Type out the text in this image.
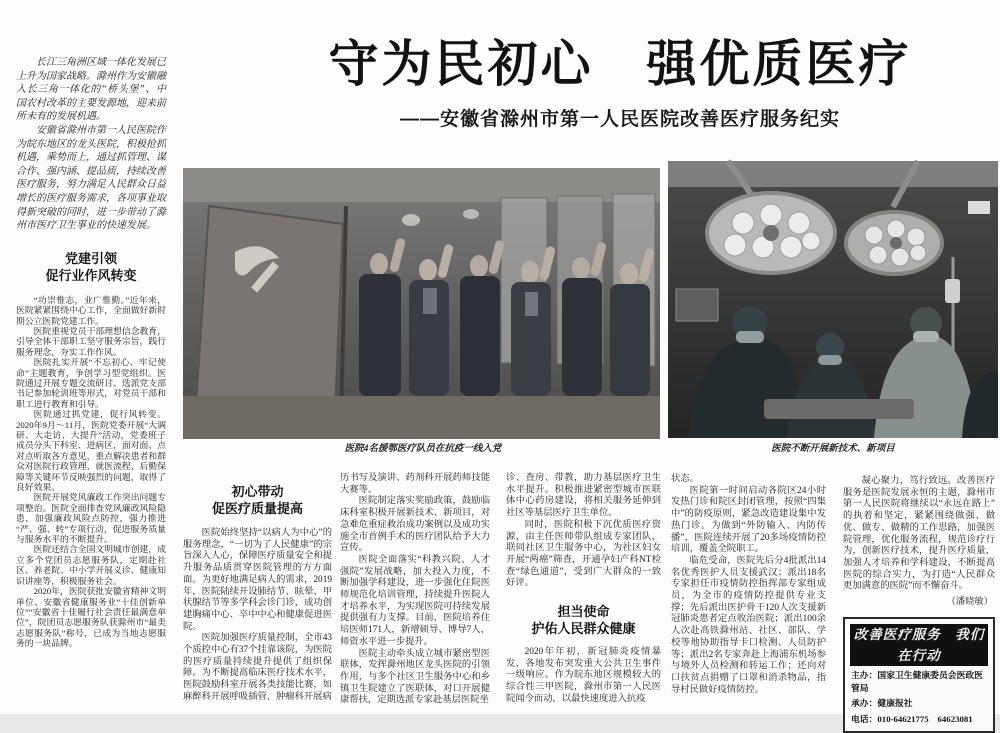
长江三角洲区域一体化发展已上升为国家战略。滁州作为安徽融入长三角一体化的“桥头堡”、中国农村改革的主要发源地，迎来前所未有的发展机遇。

安徽省滁州市第一人民医院作为皖东地区的龙头医院，积极抢抓机遇，乘势而上，通过抓管理、谋合作、强内涵、提品质，持续改善医疗服务，努力满足人民群众日益增长的医疗服务需求，各项事业取得新突破的同时，进一步带动了滁州市医疗卫生事业的快速发展。

党建引领
促行业作风转变

“功崇惟志，业广惟勤。”近年来，医院紧紧围绕中心工作，全面做好新时期公立医院党建工作。

医院重视党员干部理想信念教育，引导全体干部职工坚守服务宗旨，践行服务理念，夯实工作作风。

医院扎实开展“不忘初心、牢记使命”主题教育，争创学习型党组织。医院通过开展专题交流研讨、选派党支部书记参加轮训班等形式，对党员干部和职工进行教育和引导。

医院通过抓党建，促行风转变。2020年9月～11月，医院党委开展“大调研、大走访、大提升”活动，党委班子成员分头下科室、进病区，面对面、点对点听取各方意见，重点解决患者和群众对医院行政管理、就医流程、后勤保障等关键环节反映强烈的问题，取得了良好效果。

医院开展党风廉政工作突出问题专项整治。医院全面排查党风廉政风险隐患，加强廉政风险点防控，强力推进“严、强、转”专项行动，促进服务质量与服务水平的不断提升。

医院还结合全国文明城市创建，成立多个党团员志愿服务队，定期赴社区、养老院、中小学开展义诊、健康知识讲座等，积极服务社会。

2020年，医院获批安徽省精神文明单位、安徽省健康服务业“十佳创新单位”“安徽省十佳履行社会责任最满意单位”，院团员志愿服务队获滁州市“最美志愿服务队”称号，已成为当地志愿服务的一块品牌。

守为民初心　强优质医疗
——安徽省滁州市第一人民医院改善医疗服务纪实
医院4名援鄂医疗队员在抗疫一线入党	医院不断开展新技术、新项目
初心带动
促医疗质量提高

医院始终坚持“以病人为中心”的服务理念，“一切为了人民健康”的宗旨深入人心，保障医疗质量安全和提升服务品质贯穿医院管理的方方面面。为更好地满足病人的需求，2019年，医院陆续开设肺结节、眩晕、甲状腺结节等多学科会诊门诊，成功创建胸痛中心、卒中中心和健康促进医院。

医院加强医疗质量控制，全市43个质控中心有37个挂靠该院，为医院的医疗质量持续提升提供了组织保障。为不断提高临床医疗技术水平，医院鼓励科室开展各类技能比赛，如麻醉科开展呼吸插管、肿瘤科开展病

历书写及演讲、药剂科开展药师技能大赛等。

医院制定落实奖励政策，鼓励临床科室积极开展新技术、新项目，对急难危重症救治成功案例以及成功实施全市首例手术的医疗团队给予大力宣传。

医院全面落实“科教兴院、人才强院”发展战略，加大投入力度，不断加强学科建设，进一步强化住院医师规范化培训管理，持续提升医院人才培养水平，为实现医院可持续发展提供强有力支撑。目前，医院培养住培医师171人，新增硕导、博导7人，师资水平进一步提升。

医院主动牵头成立城市紧密型医联体，发挥滁州地区龙头医院的引领作用，与多个社区卫生服务中心和乡镇卫生院建立了医联体，对口开展健康帮扶，定期选派专家赴基层医院坐

诊、查房、带教，助力基层医疗卫生水平提升。积极推进紧密型城市医联体中心药房建设，将相关服务延伸到社区等基层医疗卫生单位。

同时，医院积极下沉优质医疗资源，由主任医师带队组成专家团队，联同社区卫生服务中心，为社区妇女开展“两癌”筛查，开通孕妇产科NT检查“绿色通道”，受到广大群众的一致好评。

担当使命
护佑人民群众健康

2020年年初，新冠肺炎疫情暴发，各地发布突发重大公共卫生事件一级响应。作为皖东地区规模较大的综合性三甲医院，滁州市第一人民医院闻令而动，以最快速度进入抗疫

状态。

医院第一时间启动各院区24小时发热门诊和院区封闭管理，按照“四集中”的防疫原则，紧急改造建设集中发热门诊。为做到“外防输入、内防传播”，医院连续开展了20多场疫情防控培训，覆盖全院职工。

临危受命，医院先后分4批派出14名优秀医护人员支援武汉；派出18名专家担任市疫情防控指挥部专家组成员，为全市的疫情防控提供专业支撑；先后派出医护骨干120人次支援新冠肺炎患者定点收治医院；派出100余人次赴高铁滁州站、社区、部队、学校等地协助指导卡口检测、人员防护等；派出2名专家奔赴上海浦东机场参与境外人员检测和转运工作；还向对口扶贫点捐赠了口罩和消杀物品，指导村民做好疫情防控。

凝心聚力，笃行致远。改善医疗服务是医院发展永恒的主题，滁州市第一人民医院将继续以“永远在路上”的执着和坚定，紧紧围绕做强、做优、做专、做精的工作思路，加强医院管理，优化服务流程，规范诊疗行为，创新医疗技术，提升医疗质量，加强人才培养和学科建设，不断提高医院的综合实力，为打造“人民群众更加满意的医院”而不懈奋斗。

（潘晓敏）
改善医疗服务　我们在行动
主办：国家卫生健康委员会医政医管局
承办：健康报社
电话：010-64621775　64623081
